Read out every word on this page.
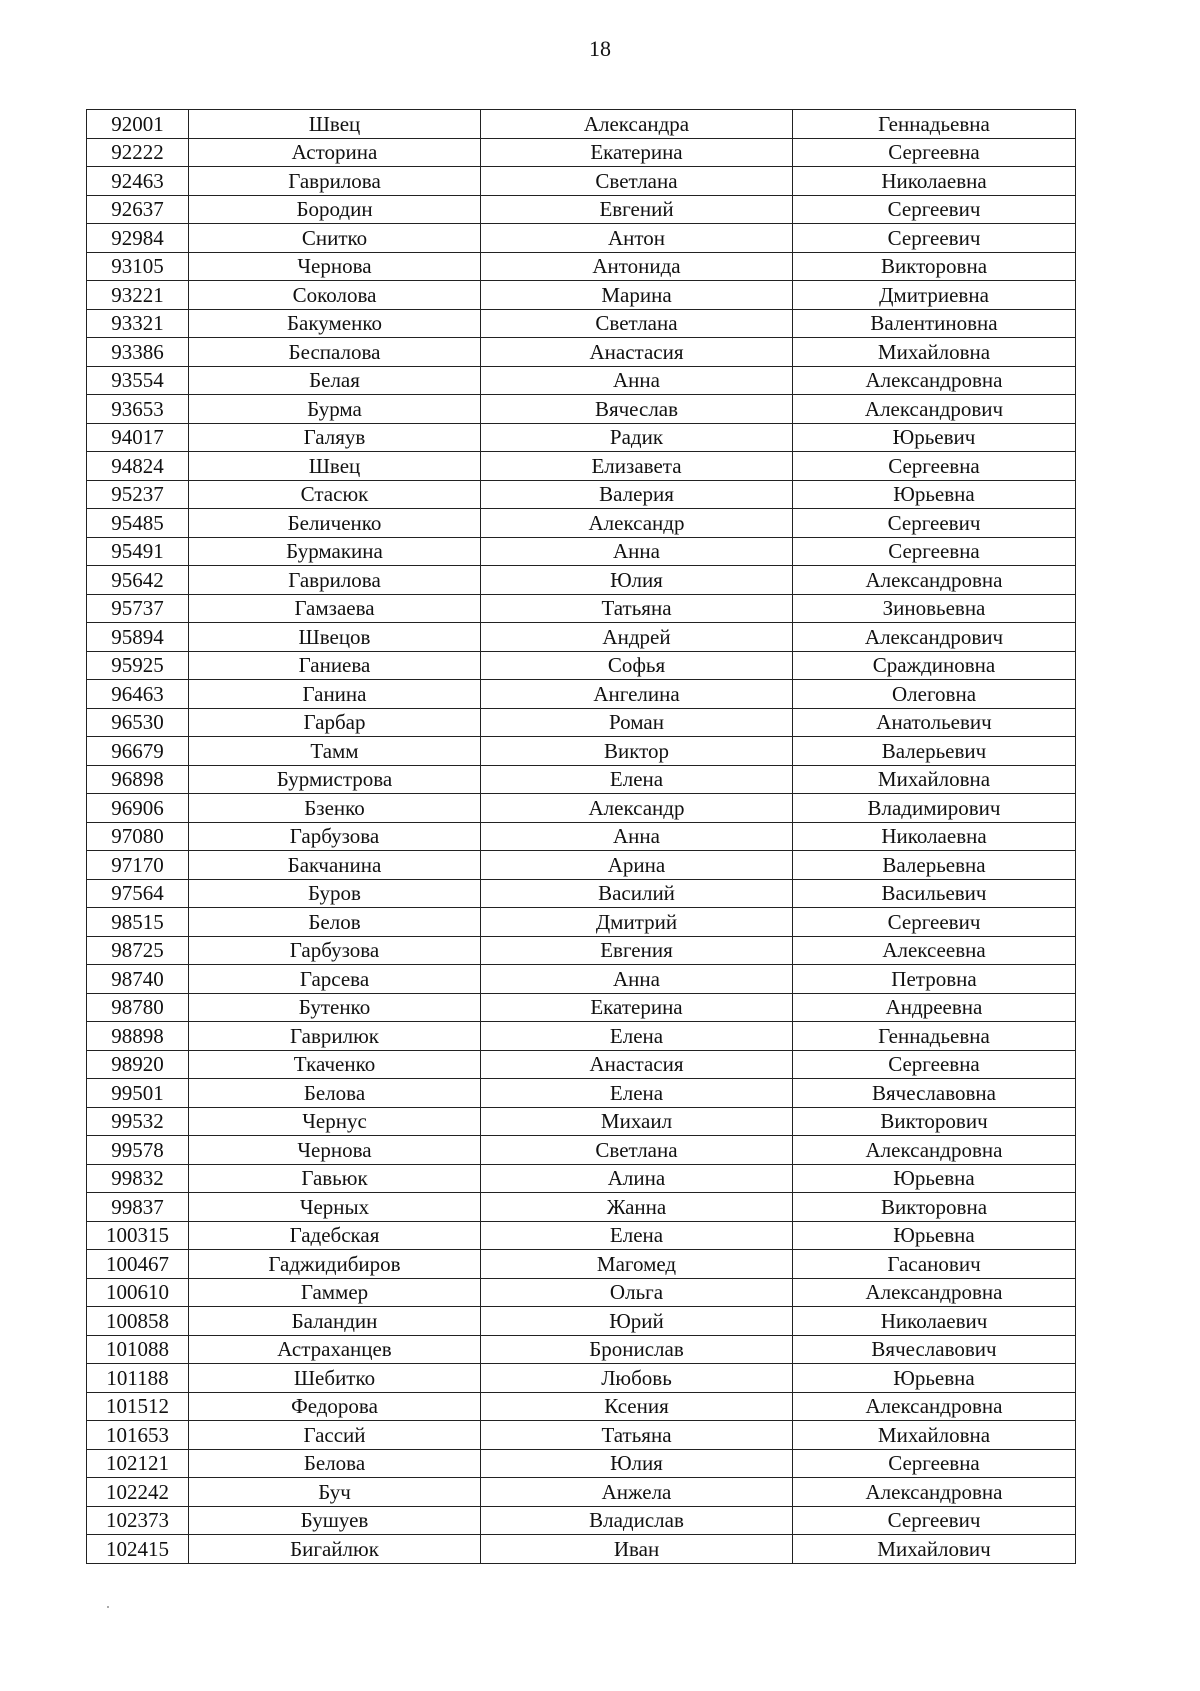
18
92001	Швец	Александра	Геннадьевна
92222	Асторина	Екатерина	Сергеевна
92463	Гаврилова	Светлана	Николаевна
92637	Бородин	Евгений	Сергеевич
92984	Снитко	Антон	Сергеевич
93105	Чернова	Антонида	Викторовна
93221	Соколова	Марина	Дмитриевна
93321	Бакуменко	Светлана	Валентиновна
93386	Беспалова	Анастасия	Михайловна
93554	Белая	Анна	Александровна
93653	Бурма	Вячеслав	Александрович
94017	Галяув	Радик	Юрьевич
94824	Швец	Елизавета	Сергеевна
95237	Стасюк	Валерия	Юрьевна
95485	Беличенко	Александр	Сергеевич
95491	Бурмакина	Анна	Сергеевна
95642	Гаврилова	Юлия	Александровна
95737	Гамзаева	Татьяна	Зиновьевна
95894	Швецов	Андрей	Александрович
95925	Ганиева	Софья	Сраждиновна
96463	Ганина	Ангелина	Олеговна
96530	Гарбар	Роман	Анатольевич
96679	Тамм	Виктор	Валерьевич
96898	Бурмистрова	Елена	Михайловна
96906	Бзенко	Александр	Владимирович
97080	Гарбузова	Анна	Николаевна
97170	Бакчанина	Арина	Валерьевна
97564	Буров	Василий	Васильевич
98515	Белов	Дмитрий	Сергеевич
98725	Гарбузова	Евгения	Алексеевна
98740	Гарсева	Анна	Петровна
98780	Бутенко	Екатерина	Андреевна
98898	Гаврилюк	Елена	Геннадьевна
98920	Ткаченко	Анастасия	Сергеевна
99501	Белова	Елена	Вячеславовна
99532	Чернус	Михаил	Викторович
99578	Чернова	Светлана	Александровна
99832	Гавьюк	Алина	Юрьевна
99837	Черных	Жанна	Викторовна
100315	Гадебская	Елена	Юрьевна
100467	Гаджидибиров	Магомед	Гасанович
100610	Гаммер	Ольга	Александровна
100858	Баландин	Юрий	Николаевич
101088	Астраханцев	Бронислав	Вячеславович
101188	Шебитко	Любовь	Юрьевна
101512	Федорова	Ксения	Александровна
101653	Гассий	Татьяна	Михайловна
102121	Белова	Юлия	Сергеевна
102242	Буч	Анжела	Александровна
102373	Бушуев	Владислав	Сергеевич
102415	Бигайлюк	Иван	Михайлович
